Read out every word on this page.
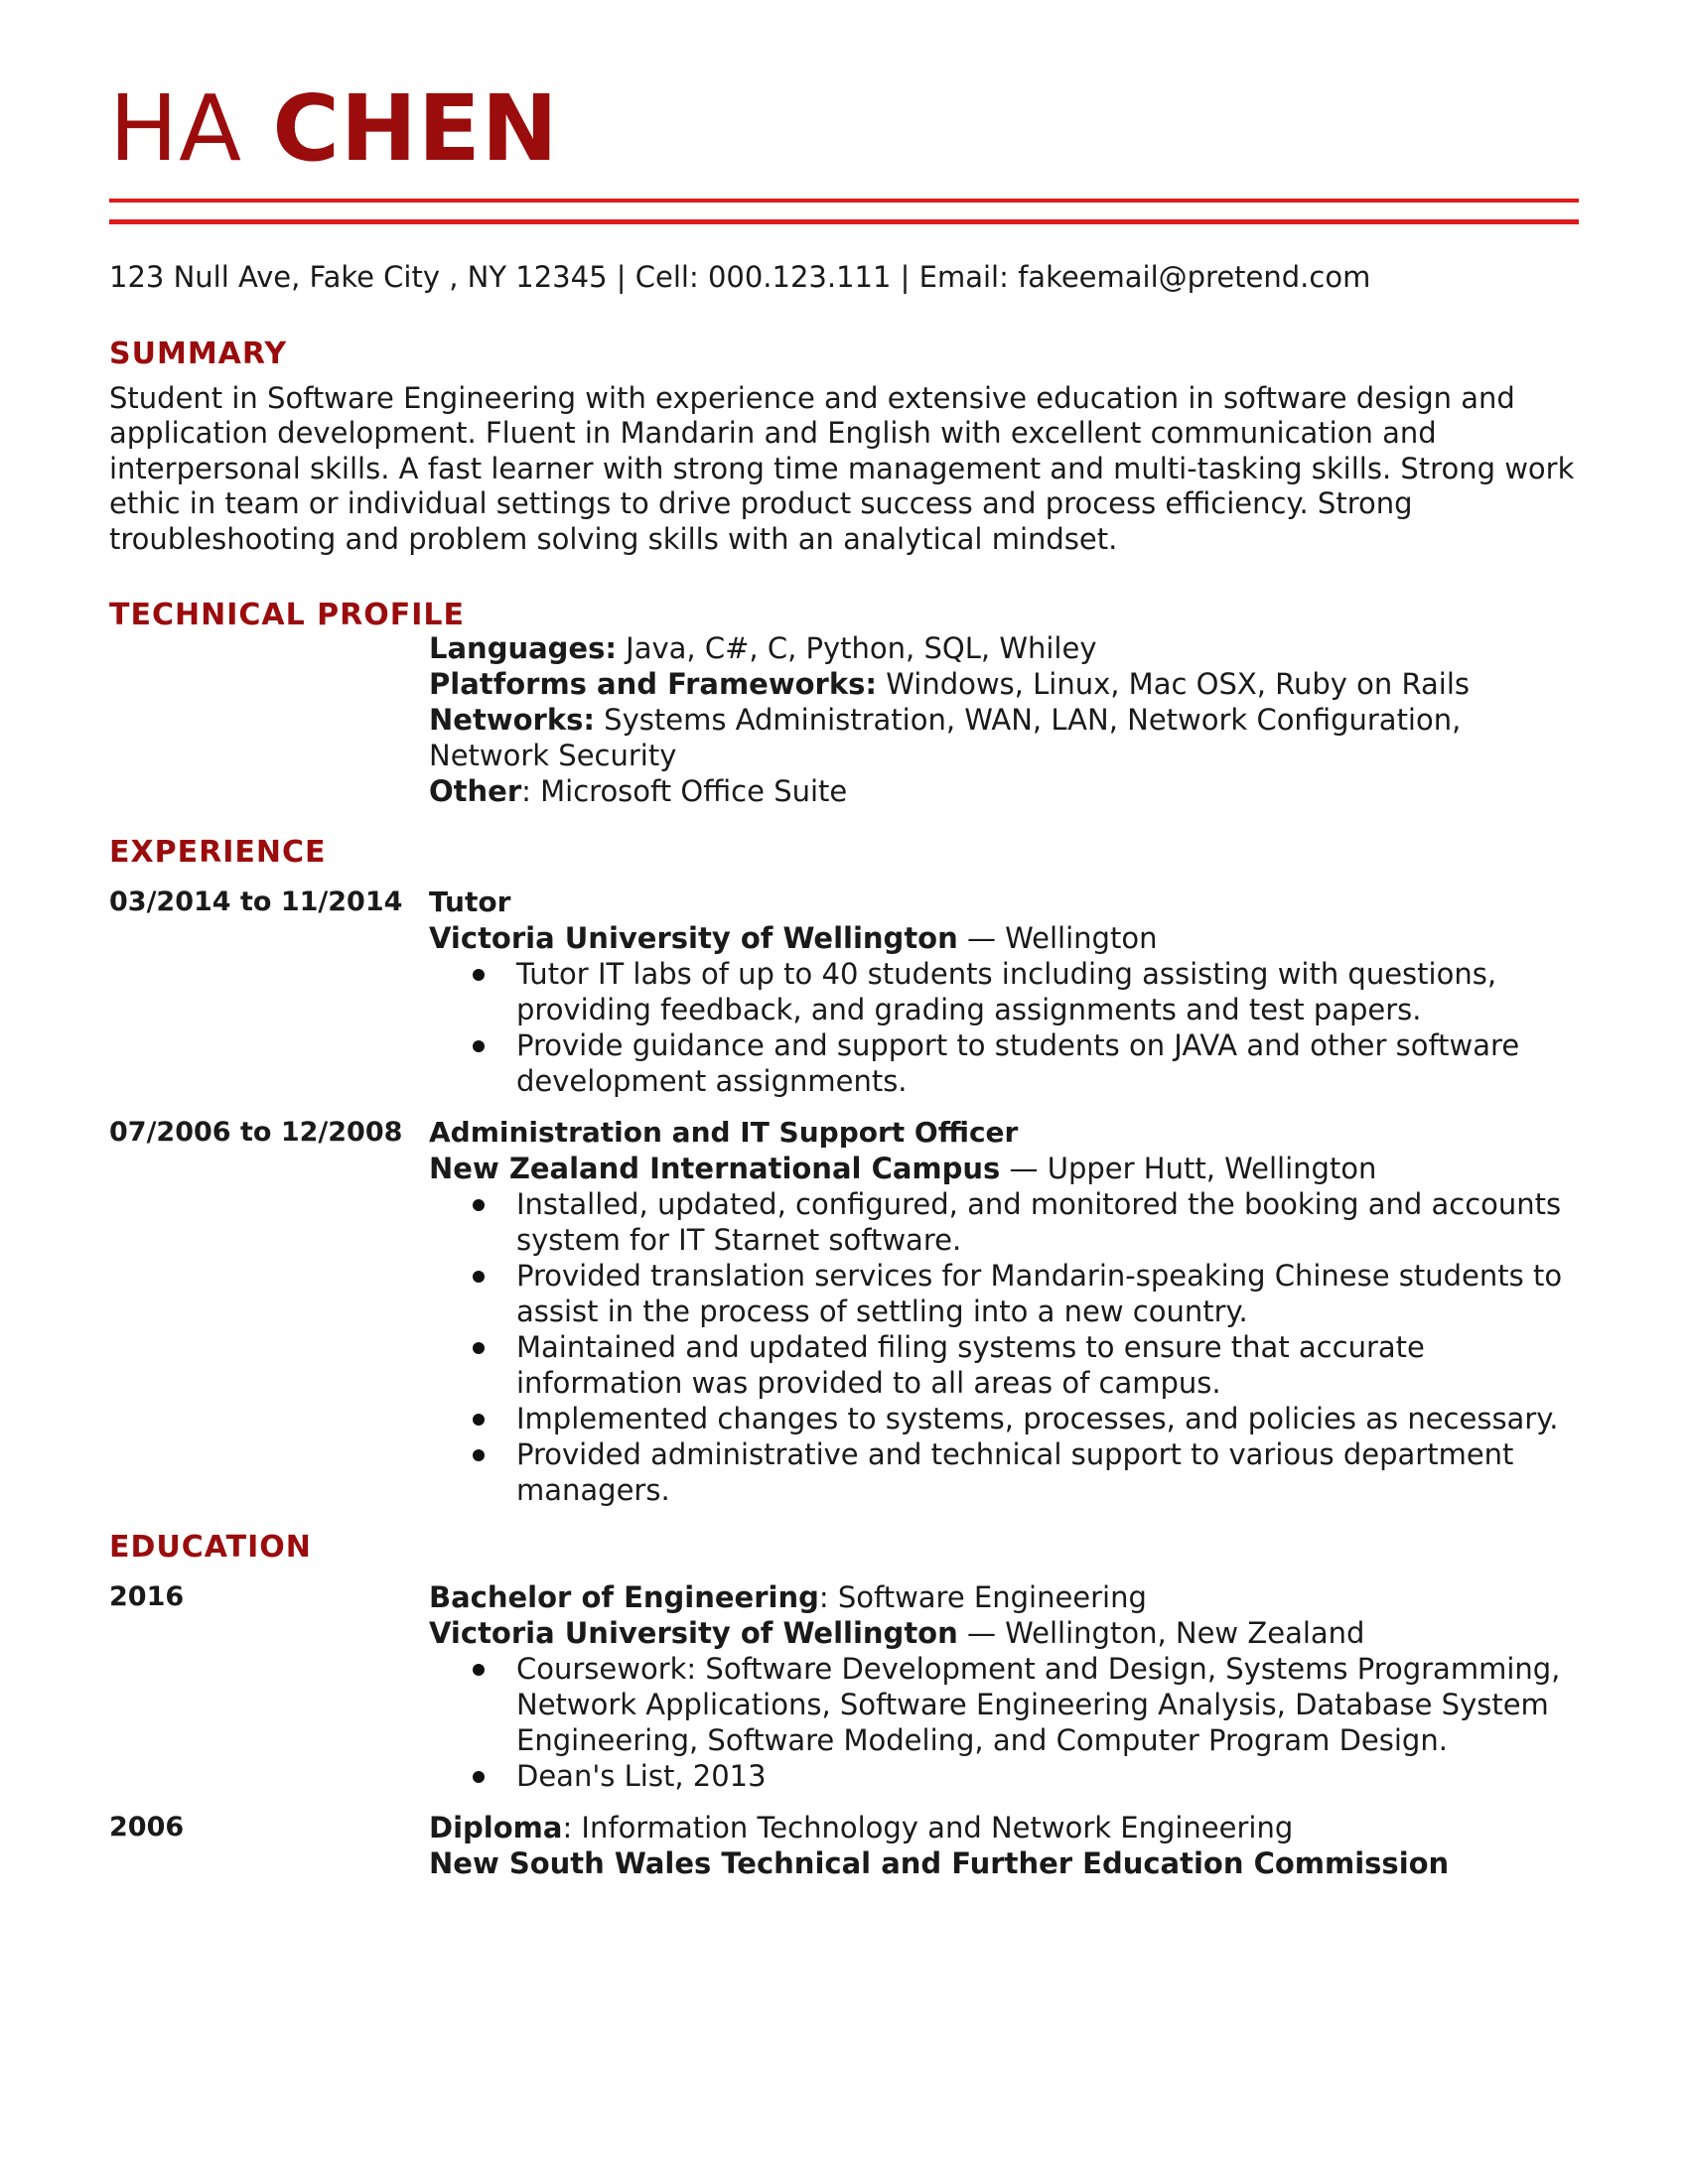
HA CHEN
123 Null Ave, Fake City , NY 12345 | Cell: 000.123.111 | Email: fakeemail@pretend.com
SUMMARY
Student in Software Engineering with experience and extensive education in software design and application development. Fluent in Mandarin and English with excellent communication and interpersonal skills. A fast learner with strong time management and multi-tasking skills. Strong work ethic in team or individual settings to drive product success and process efficiency. Strong troubleshooting and problem solving skills with an analytical mindset.
TECHNICAL PROFILE
Languages: Java, C#, C, Python, SQL, Whiley
Platforms and Frameworks: Windows, Linux, Mac OSX, Ruby on Rails
Networks: Systems Administration, WAN, LAN, Network Configuration, Network Security
Other: Microsoft Office Suite
EXPERIENCE
03/2014 to 11/2014 Tutor
Victoria University of Wellington — Wellington
Tutor IT labs of up to 40 students including assisting with questions, providing feedback, and grading assignments and test papers.
Provide guidance and support to students on JAVA and other software development assignments.
07/2006 to 12/2008 Administration and IT Support Officer
New Zealand International Campus — Upper Hutt, Wellington
Installed, updated, configured, and monitored the booking and accounts system for IT Starnet software.
Provided translation services for Mandarin-speaking Chinese students to assist in the process of settling into a new country.
Maintained and updated filing systems to ensure that accurate information was provided to all areas of campus.
Implemented changes to systems, processes, and policies as necessary.
Provided administrative and technical support to various department managers.
EDUCATION
2016	Bachelor of Engineering: Software Engineering
Victoria University of Wellington — Wellington, New Zealand
Coursework: Software Development and Design, Systems Programming, Network Applications, Software Engineering Analysis, Database System Engineering, Software Modeling, and Computer Program Design.
Dean's List, 2013
2006	Diploma: Information Technology and Network Engineering
New South Wales Technical and Further Education Commission
